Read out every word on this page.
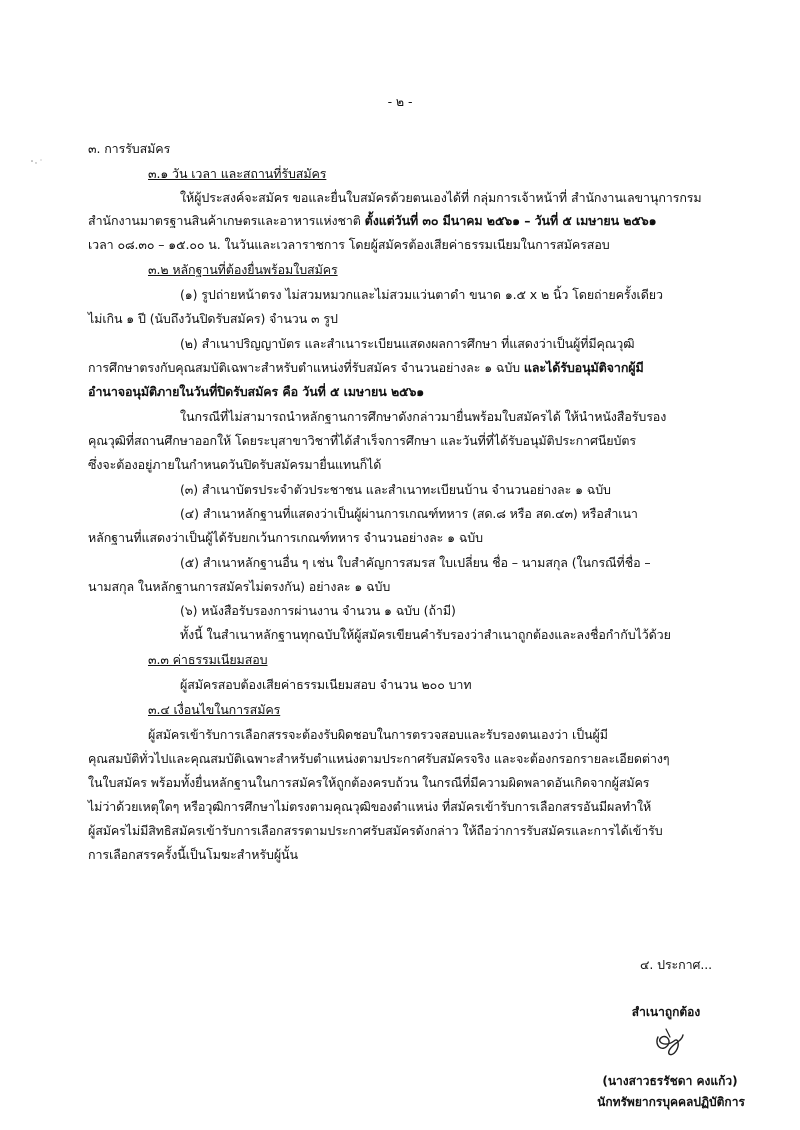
- ๒ -
๓. การรับสมัคร
๓.๑ วัน เวลา และสถานที่รับสมัคร
ให้ผู้ประสงค์จะสมัคร ขอและยื่นใบสมัครด้วยตนเองได้ที่ กลุ่มการเจ้าหน้าที่ สำนักงานเลขานุการกรม
สำนักงานมาตรฐานสินค้าเกษตรและอาหารแห่งชาติ ตั้งแต่วันที่ ๓๐ มีนาคม ๒๕๖๑ – วันที่ ๕ เมษายน ๒๕๖๑
เวลา ๐๘.๓๐ – ๑๕.๐๐ น. ในวันและเวลาราชการ โดยผู้สมัครต้องเสียค่าธรรมเนียมในการสมัครสอบ
๓.๒ หลักฐานที่ต้องยื่นพร้อมใบสมัคร
(๑) รูปถ่ายหน้าตรง ไม่สวมหมวกและไม่สวมแว่นตาดำ ขนาด ๑.๕ x ๒ นิ้ว โดยถ่ายครั้งเดียว
ไม่เกิน ๑ ปี (นับถึงวันปิดรับสมัคร) จำนวน ๓ รูป
(๒) สำเนาปริญญาบัตร และสำเนาระเบียนแสดงผลการศึกษา ที่แสดงว่าเป็นผู้ที่มีคุณวุฒิ
การศึกษาตรงกับคุณสมบัติเฉพาะสำหรับตำแหน่งที่รับสมัคร จำนวนอย่างละ ๑ ฉบับ และได้รับอนุมัติจากผู้มี
อำนาจอนุมัติภายในวันที่ปิดรับสมัคร คือ วันที่ ๕ เมษายน ๒๕๖๑
ในกรณีที่ไม่สามารถนำหลักฐานการศึกษาดังกล่าวมายื่นพร้อมใบสมัครได้ ให้นำหนังสือรับรอง
คุณวุฒิที่สถานศึกษาออกให้ โดยระบุสาขาวิชาที่ได้สำเร็จการศึกษา และวันที่ที่ได้รับอนุมัติประกาศนียบัตร
ซึ่งจะต้องอยู่ภายในกำหนดวันปิดรับสมัครมายื่นแทนก็ได้
(๓) สำเนาบัตรประจำตัวประชาชน และสำเนาทะเบียนบ้าน จำนวนอย่างละ ๑ ฉบับ
(๔) สำเนาหลักฐานที่แสดงว่าเป็นผู้ผ่านการเกณฑ์ทหาร (สด.๘ หรือ สด.๔๓) หรือสำเนา
หลักฐานที่แสดงว่าเป็นผู้ได้รับยกเว้นการเกณฑ์ทหาร จำนวนอย่างละ ๑ ฉบับ
(๕) สำเนาหลักฐานอื่น ๆ เช่น ใบสำคัญการสมรส ใบเปลี่ยน ชื่อ – นามสกุล (ในกรณีที่ชื่อ –
นามสกุล ในหลักฐานการสมัครไม่ตรงกัน) อย่างละ ๑ ฉบับ
(๖) หนังสือรับรองการผ่านงาน จำนวน ๑ ฉบับ (ถ้ามี)
ทั้งนี้ ในสำเนาหลักฐานทุกฉบับให้ผู้สมัครเขียนคำรับรองว่าสำเนาถูกต้องและลงชื่อกำกับไว้ด้วย
๓.๓ ค่าธรรมเนียมสอบ
ผู้สมัครสอบต้องเสียค่าธรรมเนียมสอบ จำนวน ๒๐๐ บาท
๓.๔ เงื่อนไขในการสมัคร
ผู้สมัครเข้ารับการเลือกสรรจะต้องรับผิดชอบในการตรวจสอบและรับรองตนเองว่า เป็นผู้มี
คุณสมบัติทั่วไปและคุณสมบัติเฉพาะสำหรับตำแหน่งตามประกาศรับสมัครจริง และจะต้องกรอกรายละเอียดต่างๆ
ในใบสมัคร พร้อมทั้งยื่นหลักฐานในการสมัครให้ถูกต้องครบถ้วน ในกรณีที่มีความผิดพลาดอันเกิดจากผู้สมัคร
ไม่ว่าด้วยเหตุใดๆ หรือวุฒิการศึกษาไม่ตรงตามคุณวุฒิของตำแหน่ง ที่สมัครเข้ารับการเลือกสรรอันมีผลทำให้
ผู้สมัครไม่มีสิทธิสมัครเข้ารับการเลือกสรรตามประกาศรับสมัครดังกล่าว ให้ถือว่าการรับสมัครและการได้เข้ารับ
การเลือกสรรครั้งนี้เป็นโมฆะสำหรับผู้นั้น
๔. ประกาศ...
สำเนาถูกต้อง
(นางสาวธรรัชดา คงแก้ว)
นักทรัพยากรบุคคลปฏิบัติการ
